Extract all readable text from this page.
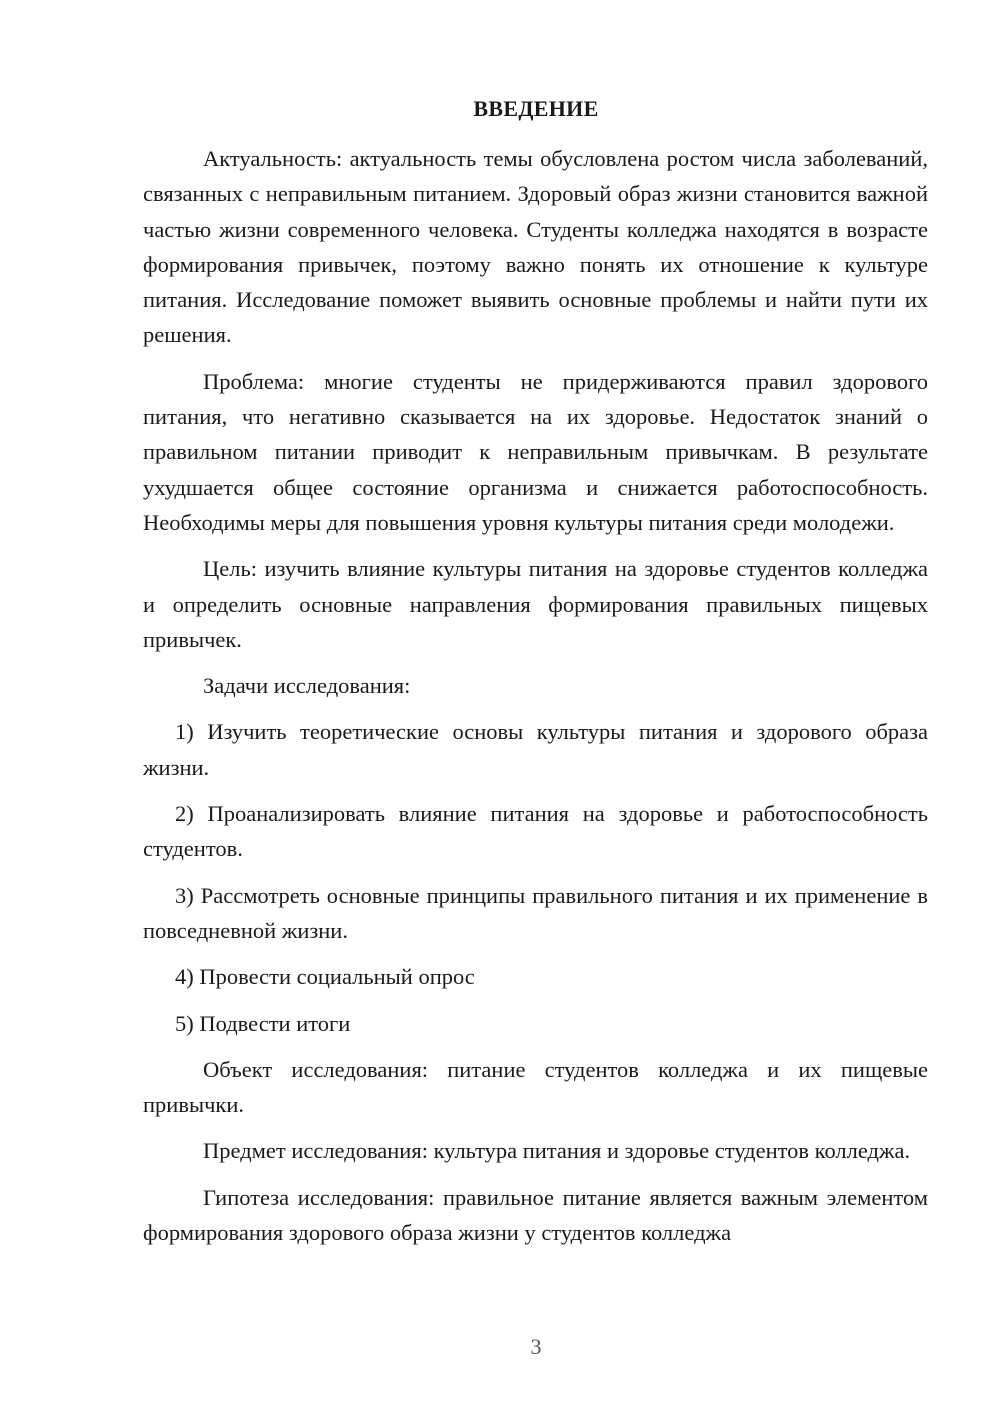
ВВЕДЕНИЕ

Актуальность: актуальность темы обусловлена ростом числа заболеваний, связанных с неправильным питанием. Здоровый образ жизни становится важной частью жизни современного человека. Студенты колледжа находятся в возрасте формирования привычек, поэтому важно понять их отношение к культуре питания. Исследование поможет выявить основные проблемы и найти пути их решения.

Проблема: многие студенты не придерживаются правил здорового питания, что негативно сказывается на их здоровье. Недостаток знаний о правильном питании приводит к неправильным привычкам. В результате ухудшается общее состояние организма и снижается работоспособность. Необходимы меры для повышения уровня культуры питания среди молодежи.

Цель: изучить влияние культуры питания на здоровье студентов колледжа и определить основные направления формирования правильных пищевых привычек.

Задачи исследования:

1) Изучить теоретические основы культуры питания и здорового образа жизни.

2) Проанализировать влияние питания на здоровье и работоспособность студентов.

3) Рассмотреть основные принципы правильного питания и их применение в повседневной жизни.

4) Провести социальный опрос

5) Подвести итоги

Объект исследования: питание студентов колледжа и их пищевые привычки.

Предмет исследования: культура питания и здоровье студентов колледжа.

Гипотеза исследования: правильное питание является важным элементом формирования здорового образа жизни у студентов колледжа

3
